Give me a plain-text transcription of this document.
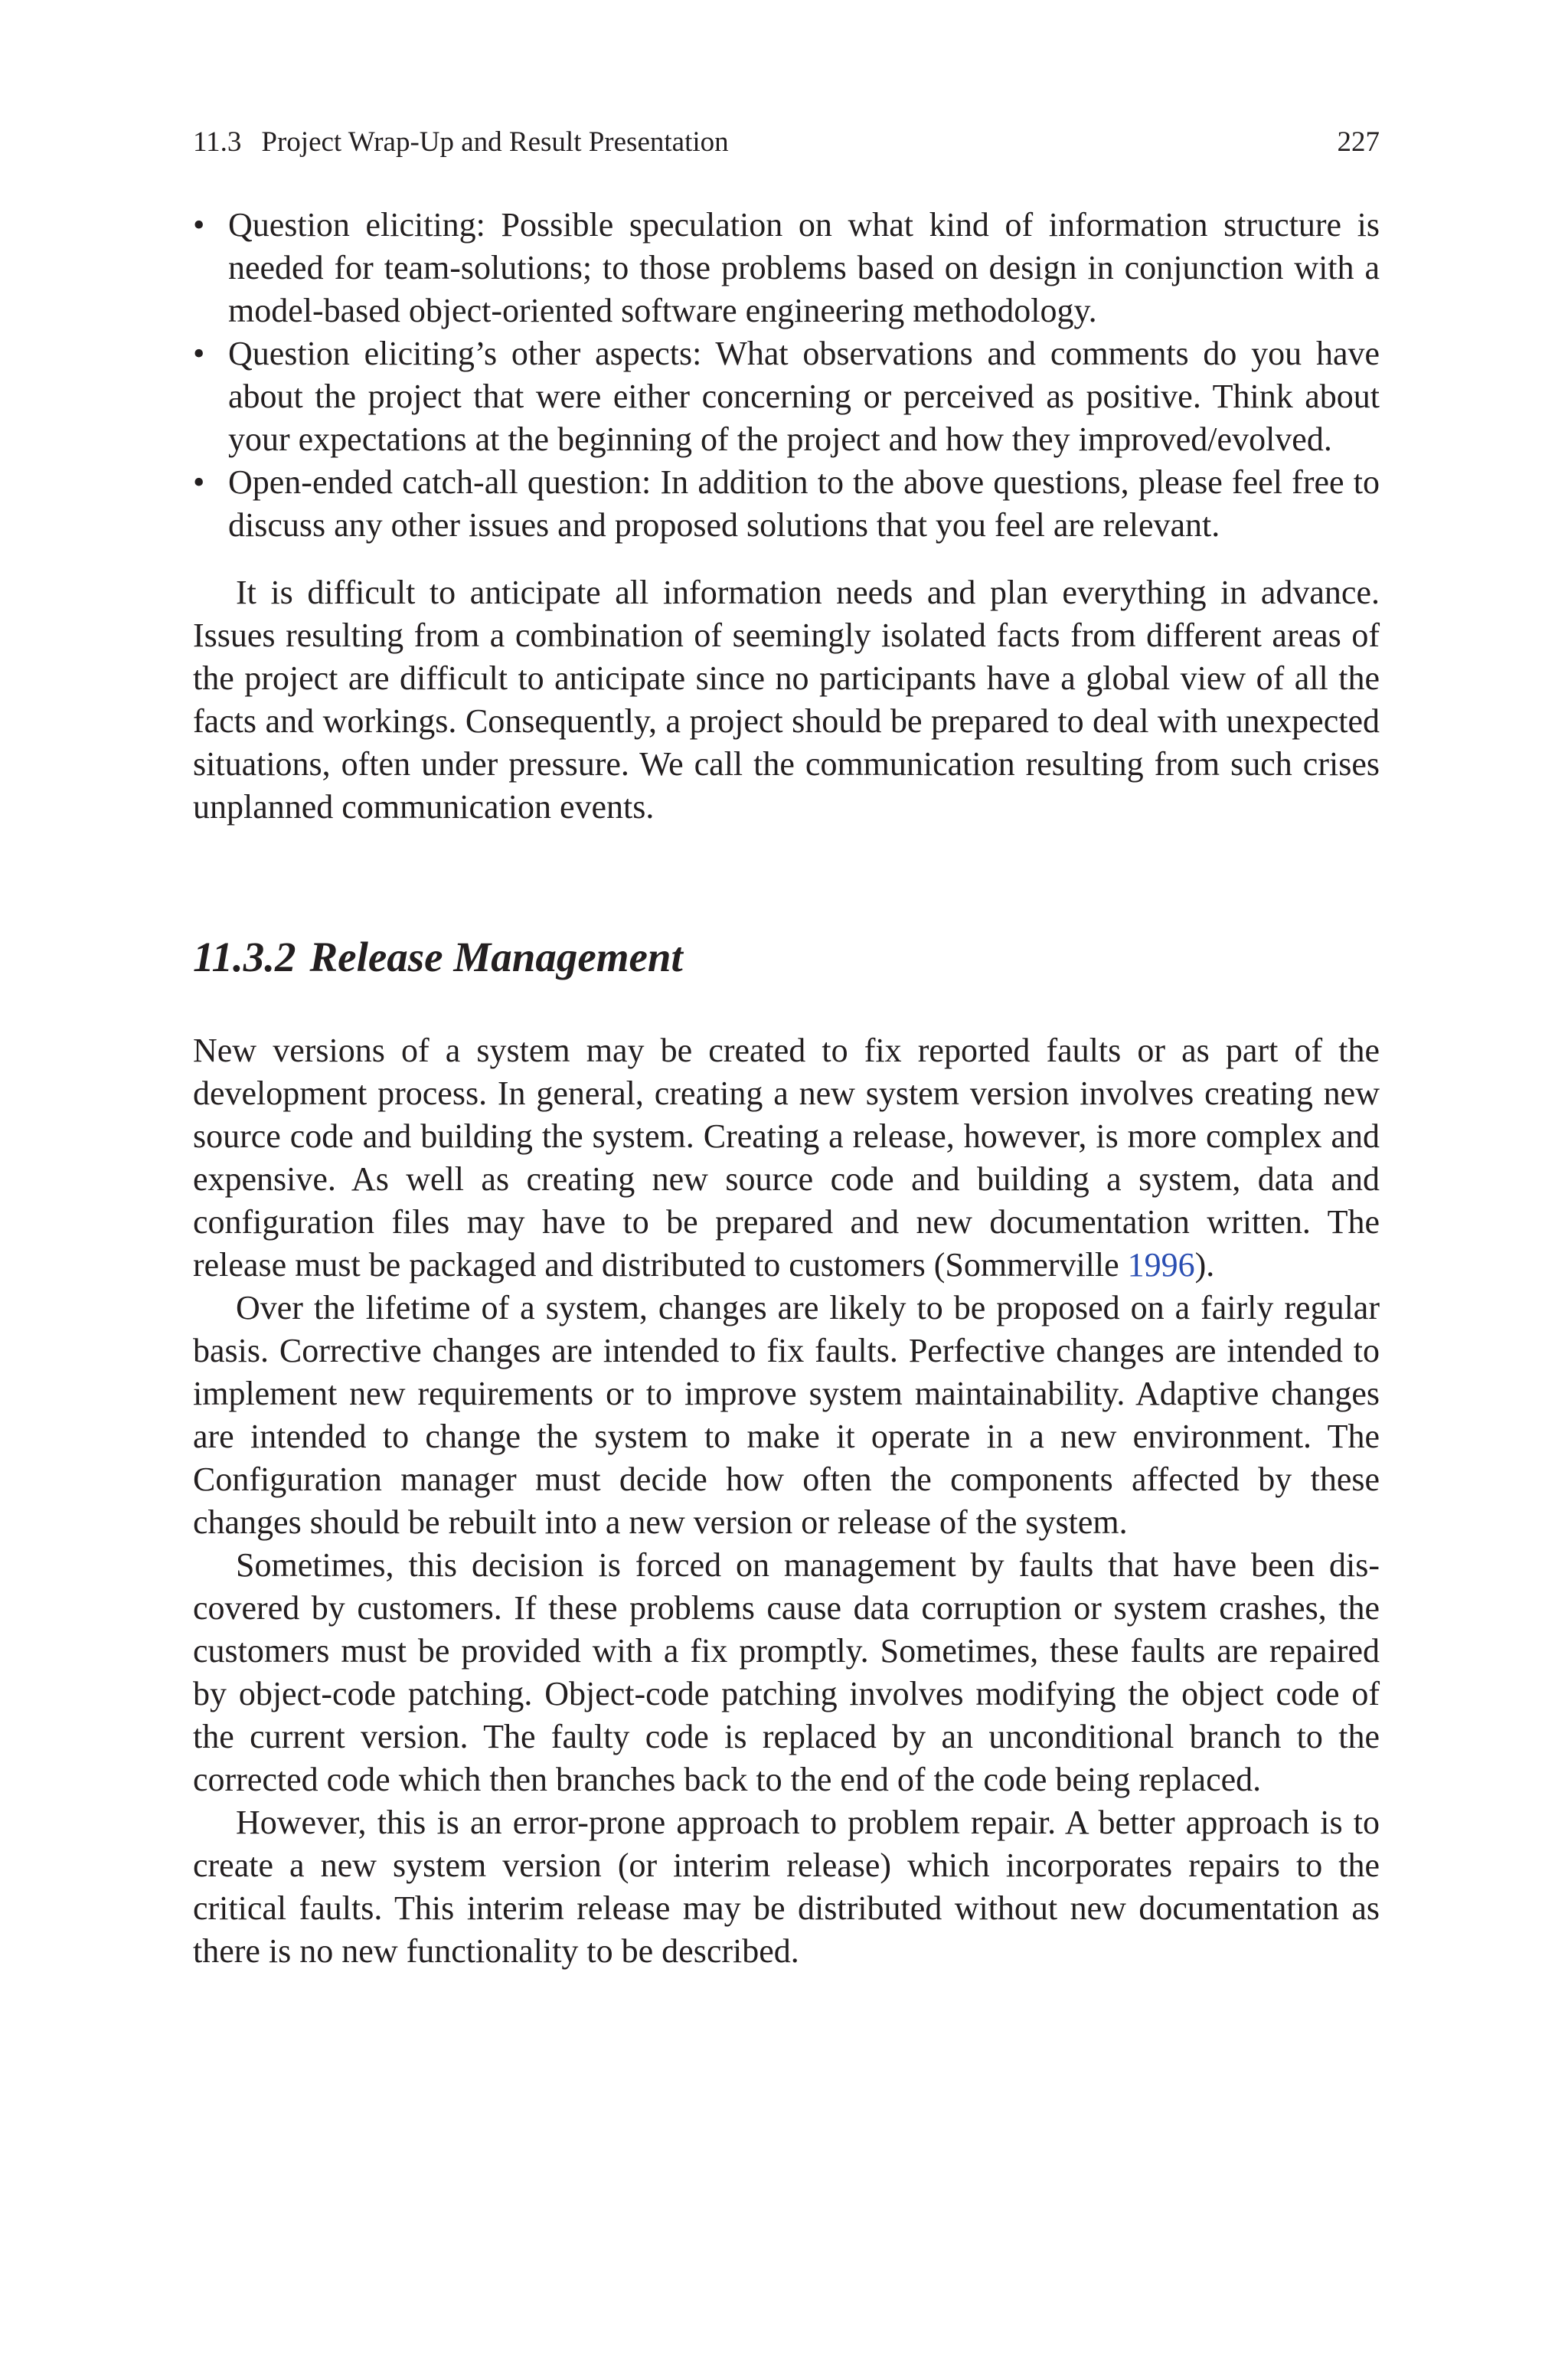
11.3 Project Wrap-Up and Result Presentation	227
• Question eliciting: Possible speculation on what kind of information structure is needed for team-solutions; to those problems based on design in conjunction with a model-based object-oriented software engineering methodology.
• Question eliciting’s other aspects: What observations and comments do you have about the project that were either concerning or perceived as positive. Think about your expectations at the beginning of the project and how they improved/evolved.
• Open-ended catch-all question: In addition to the above questions, please feel free to discuss any other issues and proposed solutions that you feel are relevant.

It is difficult to anticipate all information needs and plan everything in advance. Issues resulting from a combination of seemingly isolated facts from different areas of the project are difficult to anticipate since no participants have a global view of all the facts and workings. Consequently, a project should be prepared to deal with unexpected situations, often under pressure. We call the communication resulting from such crises unplanned communication events.

11.3.2 Release Management

New versions of a system may be created to fix reported faults or as part of the development process. In general, creating a new system version involves creating new source code and building the system. Creating a release, however, is more complex and expensive. As well as creating new source code and building a system, data and configuration files may have to be prepared and new documentation written. The release must be packaged and distributed to customers (Sommerville 1996).

Over the lifetime of a system, changes are likely to be proposed on a fairly regular basis. Corrective changes are intended to fix faults. Perfective changes are intended to implement new requirements or to improve system maintainability. Adaptive changes are intended to change the system to make it operate in a new environment. The Configuration manager must decide how often the components affected by these changes should be rebuilt into a new version or release of the system.

Sometimes, this decision is forced on management by faults that have been discovered by customers. If these problems cause data corruption or system crashes, the customers must be provided with a fix promptly. Sometimes, these faults are repaired by object-code patching. Object-code patching involves modifying the object code of the current version. The faulty code is replaced by an unconditional branch to the corrected code which then branches back to the end of the code being replaced.

However, this is an error-prone approach to problem repair. A better approach is to create a new system version (or interim release) which incorporates repairs to the critical faults. This interim release may be distributed without new documentation as there is no new functionality to be described.
